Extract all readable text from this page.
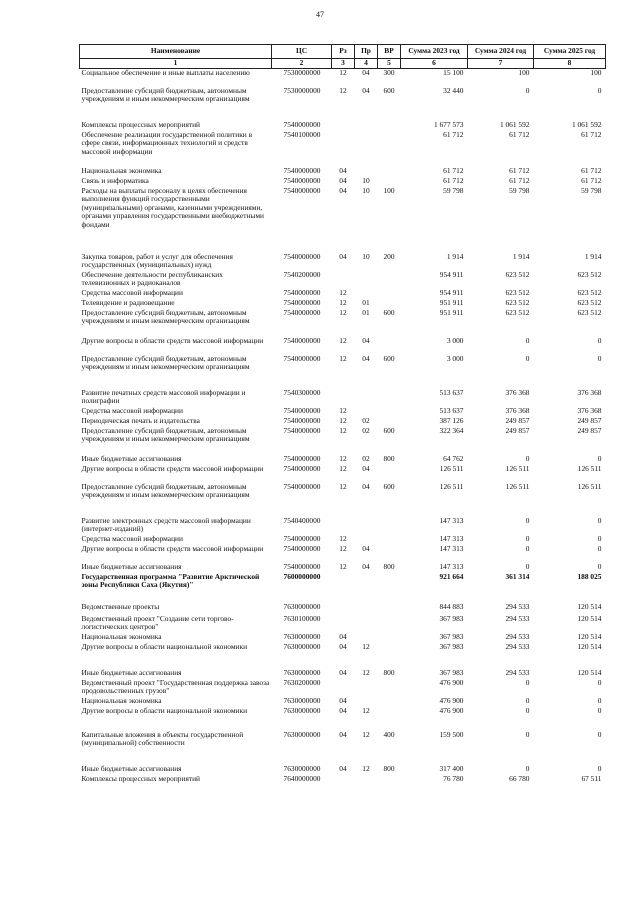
47
Наименование	ЦС	Рз	Пр	ВР	Сумма 2023 год	Сумма 2024 год	Сумма 2025 год
1	2	3	4	5	6	7	8
Социальное обеспечение и иные выплаты населению	7530000000	12	04	300	15 100	100	100
Предоставление субсидий бюджетным, автономным учреждениям и иным некоммерческим организациям	7530000000	12	04	600	32 440	0	0
Комплексы процессных мероприятий	7540000000				1 677 573	1 061 592	1 061 592
Обеспечение реализации государственной политики в сфере связи, информационных технологий и средств массовой информации	7540100000				61 712	61 712	61 712
Национальная экономика	7540000000	04			61 712	61 712	61 712
Связь и информатика	7540000000	04	10		61 712	61 712	61 712
Расходы на выплаты персоналу в целях обеспечения выполнения функций государственными (муниципальными) органами, казенными учреждениями, органами управления государственными внебюджетными фондами	7540000000	04	10	100	59 798	59 798	59 798
Закупка товаров, работ и услуг для обеспечения государственных (муниципальных) нужд	7540000000	04	10	200	1 914	1 914	1 914
Обеспечение деятельности республиканских телевизионных и радиоканалов	7540200000				954 911	623 512	623 512
Средства массовой информации	7540000000	12			954 911	623 512	623 512
Телевидение и радиовещание	7540000000	12	01		951 911	623 512	623 512
Предоставление субсидий бюджетным, автономным учреждениям и иным некоммерческим организациям	7540000000	12	01	600	951 911	623 512	623 512
Другие вопросы в области средств массовой информации	7540000000	12	04		3 000	0	0
Предоставление субсидий бюджетным, автономным учреждениям и иным некоммерческим организациям	7540000000	12	04	600	3 000	0	0
Развитие печатных средств массовой информации и полиграфии	7540300000				513 637	376 368	376 368
Средства массовой информации	7540000000	12			513 637	376 368	376 368
Периодическая печать и издательства	7540000000	12	02		387 126	249 857	249 857
Предоставление субсидий бюджетным, автономным учреждениям и иным некоммерческим организациям	7540000000	12	02	600	322 364	249 857	249 857
Иные бюджетные ассигнования	7540000000	12	02	800	64 762	0	0
Другие вопросы в области средств массовой информации	7540000000	12	04		126 511	126 511	126 511
Предоставление субсидий бюджетным, автономным учреждениям и иным некоммерческим организациям	7540000000	12	04	600	126 511	126 511	126 511
Развитие электронных средств массовой информации (интернет-изданий)	7540400000				147 313	0	0
Средства массовой информации	7540000000	12			147 313	0	0
Другие вопросы в области средств массовой информации	7540000000	12	04		147 313	0	0
Иные бюджетные ассигнования	7540000000	12	04	800	147 313	0	0
Государственная программа "Развитие Арктической зоны Республики Саха (Якутия)"	7600000000				921 664	361 314	188 025
Ведомственные проекты	7630000000				844 883	294 533	120 514
Ведомственный проект "Создание сети торгово-логистических центров"	7630100000				367 983	294 533	120 514
Национальная экономика	7630000000	04			367 983	294 533	120 514
Другие вопросы в области национальной экономики	7630000000	04	12		367 983	294 533	120 514
Иные бюджетные ассигнования	7630000000	04	12	800	367 983	294 533	120 514
Ведомственный проект "Государственная поддержка завоза продовольственных грузов"	7630200000				476 900	0	0
Национальная экономика	7630000000	04			476 900	0	0
Другие вопросы в области национальной экономики	7630000000	04	12		476 900	0	0
Капитальные вложения в объекты государственной (муниципальной) собственности	7630000000	04	12	400	159 500	0	0
Иные бюджетные ассигнования	7630000000	04	12	800	317 400	0	0
Комплексы процессных мероприятий	7640000000				76 780	66 780	67 511
